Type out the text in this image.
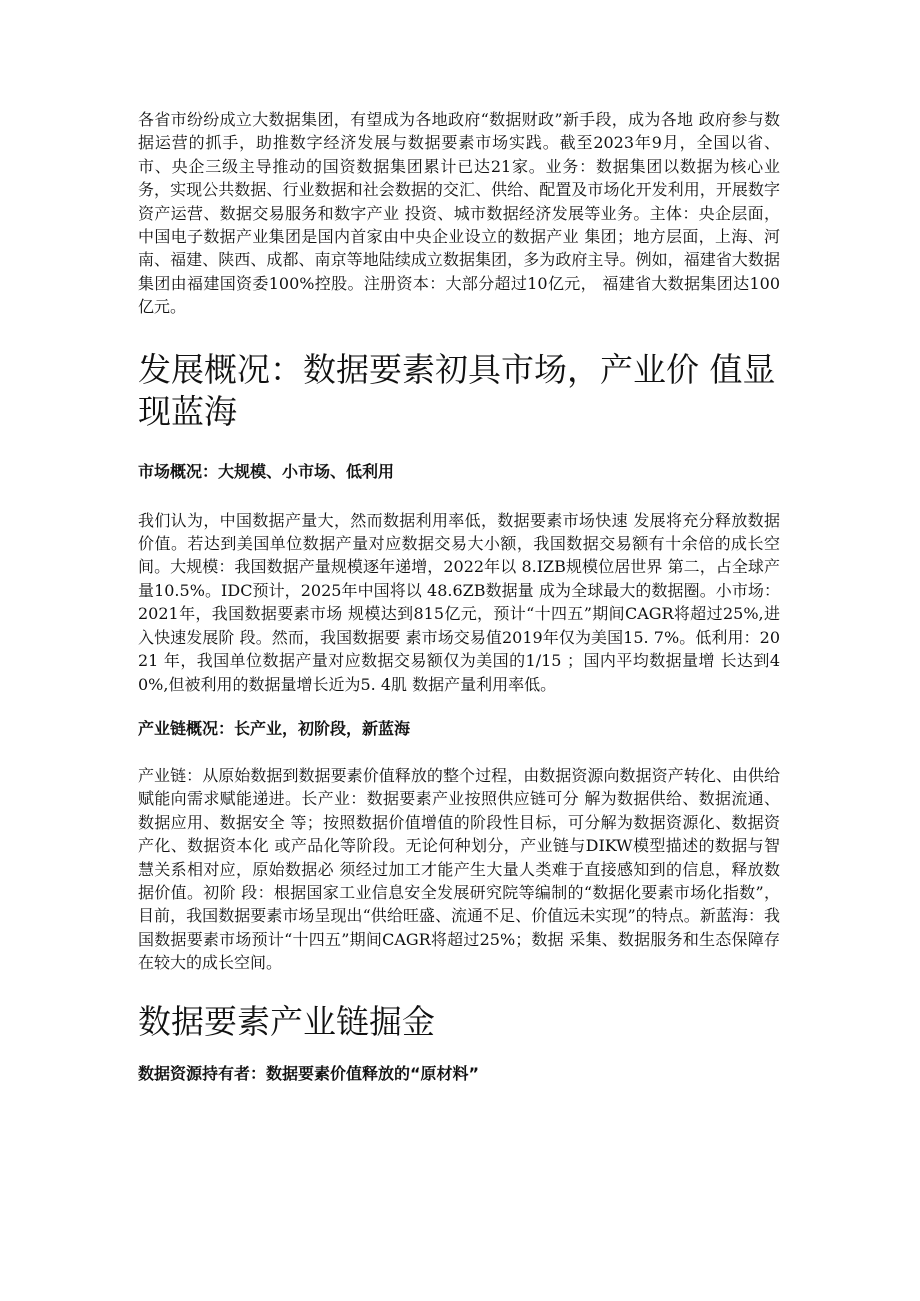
各省市纷纷成立大数据集团，有望成为各地政府“数据财政”新手段，成为各地 政府参与数据运营的抓手，助推数字经济发展与数据要素市场实践。截至2023年9月，全国以省、市、央企三级主导推动的国资数据集团累计已达21家。业务：数据集团以数据为核心业务，实现公共数据、行业数据和社会数据的交汇、供给、配置及市场化开发利用，开展数字资产运营、数据交易服务和数字产业 投资、城市数据经济发展等业务。主体：央企层面，中国电子数据产业集团是国内首家由中央企业设立的数据产业 集团；地方层面，上海、河南、福建、陕西、成都、南京等地陆续成立数据集团，多为政府主导。例如，福建省大数据集团由福建国资委100%控股。注册资本：大部分超过10亿元， 福建省大数据集团达100亿元。

发展概况：数据要素初具市场，产业价 值显现蓝海
市场概况：大规模、小市场、低利用

我们认为，中国数据产量大，然而数据利用率低，数据要素市场快速 发展将充分释放数据价值。若达到美国单位数据产量对应数据交易大小额，我国数据交易额有十余倍的成长空间。大规模：我国数据产量规模逐年递增，2022年以 8.IZB规模位居世界 第二，占全球产量10.5%。IDC预计，2025年中国将以 48.6ZB数据量 成为全球最大的数据圈。小市场：2021年，我国数据要素市场 规模达到815亿元，预计“十四五”期间CAGR将超过25%,进入快速发展阶 段。然而，我国数据要 素市场交易值2019年仅为美国15. 7%。低利用：2021 年，我国单位数据产量对应数据交易额仅为美国的1/15 ；国内平均数据量增 长达到40%,但被利用的数据量增长近为5. 4肌 数据产量利用率低。

产业链概况：长产业，初阶段，新蓝海

产业链：从原始数据到数据要素价值释放的整个过程，由数据资源向数据资产转化、由供给赋能向需求赋能递进。长产业：数据要素产业按照供应链可分 解为数据供给、数据流通、数据应用、数据安全 等；按照数据价值增值的阶段性目标，可分解为数据资源化、数据资产化、数据资本化 或产品化等阶段。无论何种划分，产业链与DIKW模型描述的数据与智慧关系相对应，原始数据必 须经过加工才能产生大量人类难于直接感知到的信息，释放数据价值。初阶 段：根据国家工业信息安全发展研究院等编制的“数据化要素市场化指数”， 目前，我国数据要素市场呈现出“供给旺盛、流通不足、价值远未实现”的特点。新蓝海：我国数据要素市场预计“十四五”期间CAGR将超过25%；数据 采集、数据服务和生态保障存在较大的成长空间。

数据要素产业链掘金
数据资源持有者：数据要素价值释放的“原材料”
